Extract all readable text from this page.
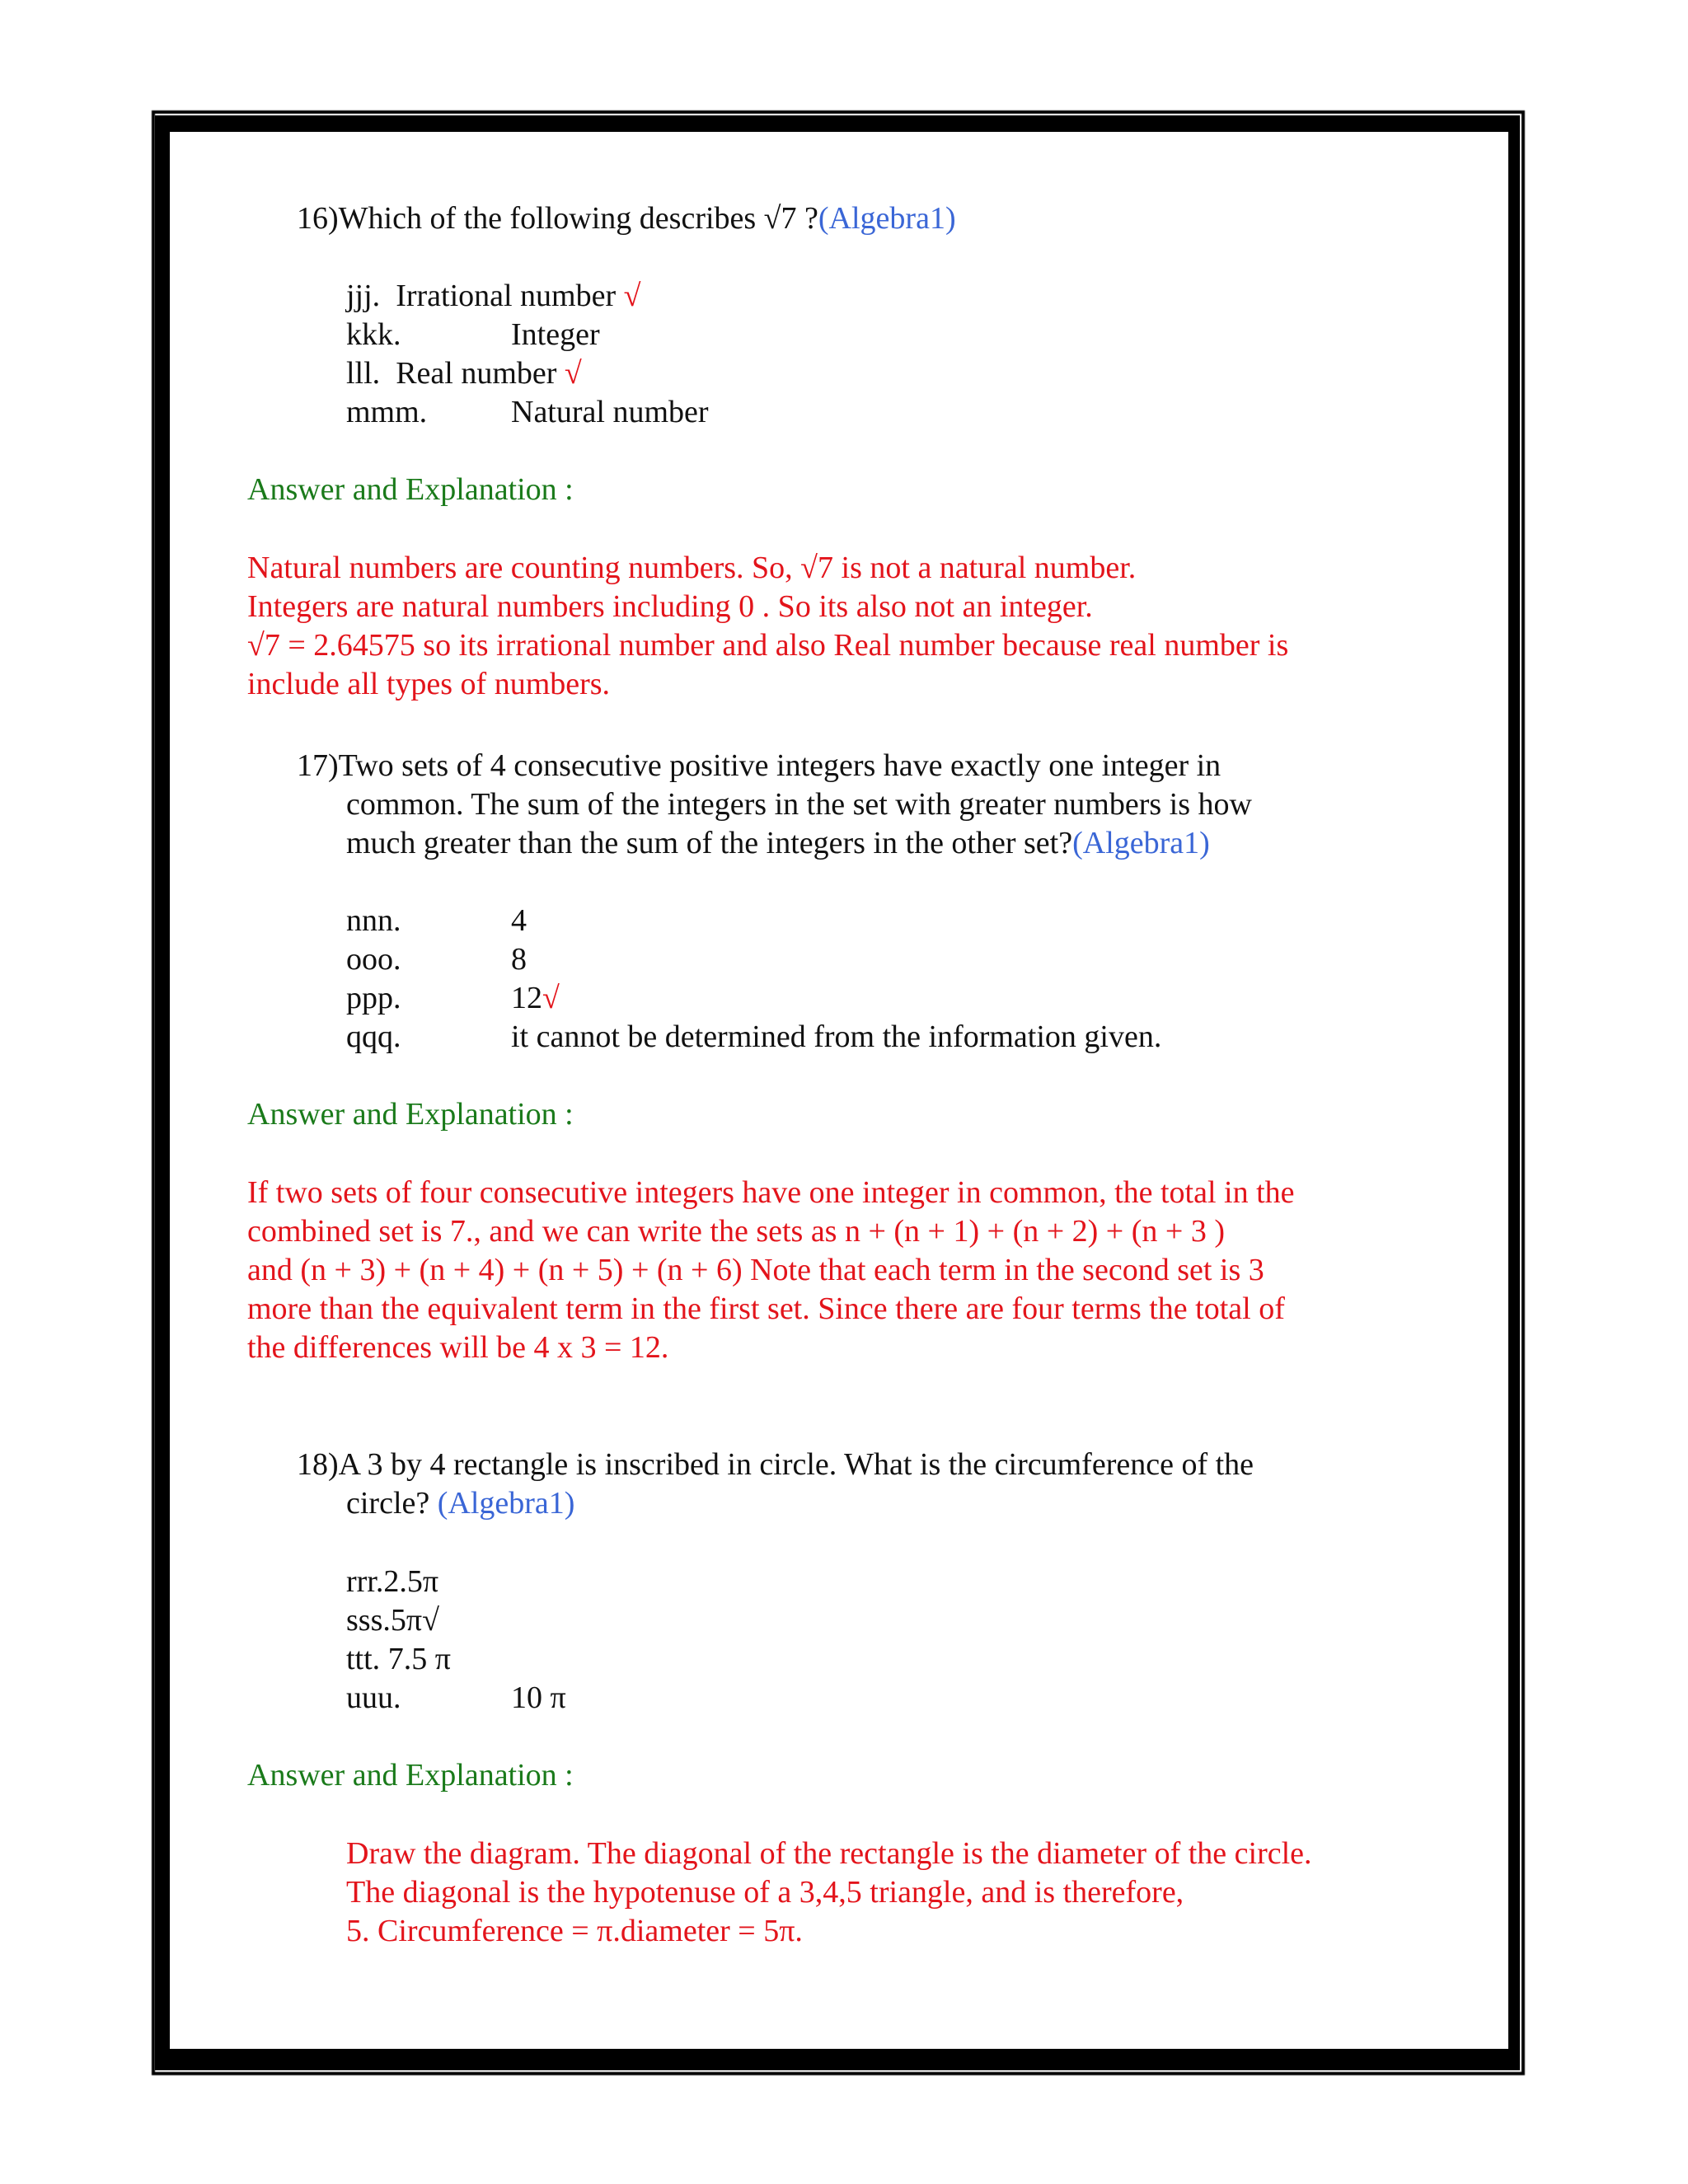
16)Which of the following describes √7 ?(Algebra1)
jjj. Irrational number √
kkk.	Integer
lll. Real number √
mmm.	Natural number
Answer and Explanation :
Natural numbers are counting numbers. So, √7 is not a natural number.
Integers are natural numbers including 0 . So its also not an integer.
√7 = 2.64575 so its irrational number and also Real number because real number is
include all types of numbers.
17)Two sets of 4 consecutive positive integers have exactly one integer in
common. The sum of the integers in the set with greater numbers is how
much greater than the sum of the integers in the other set?(Algebra1)
nnn.	4
ooo.	8
ppp.	12√
qqq.	it cannot be determined from the information given.
Answer and Explanation :
If two sets of four consecutive integers have one integer in common, the total in the
combined set is 7., and we can write the sets as n + (n + 1) + (n + 2) + (n + 3 )
and (n + 3) + (n + 4) + (n + 5) + (n + 6) Note that each term in the second set is 3
more than the equivalent term in the first set. Since there are four terms the total of
the differences will be 4 x 3 = 12.
18)A 3 by 4 rectangle is inscribed in circle. What is the circumference of the
circle? (Algebra1)
rrr.2.5π
sss.5π√
ttt. 7.5 π
uuu.	10 π
Answer and Explanation :
Draw the diagram. The diagonal of the rectangle is the diameter of the circle.
The diagonal is the hypotenuse of a 3,4,5 triangle, and is therefore,
5. Circumference = π.diameter = 5π.
